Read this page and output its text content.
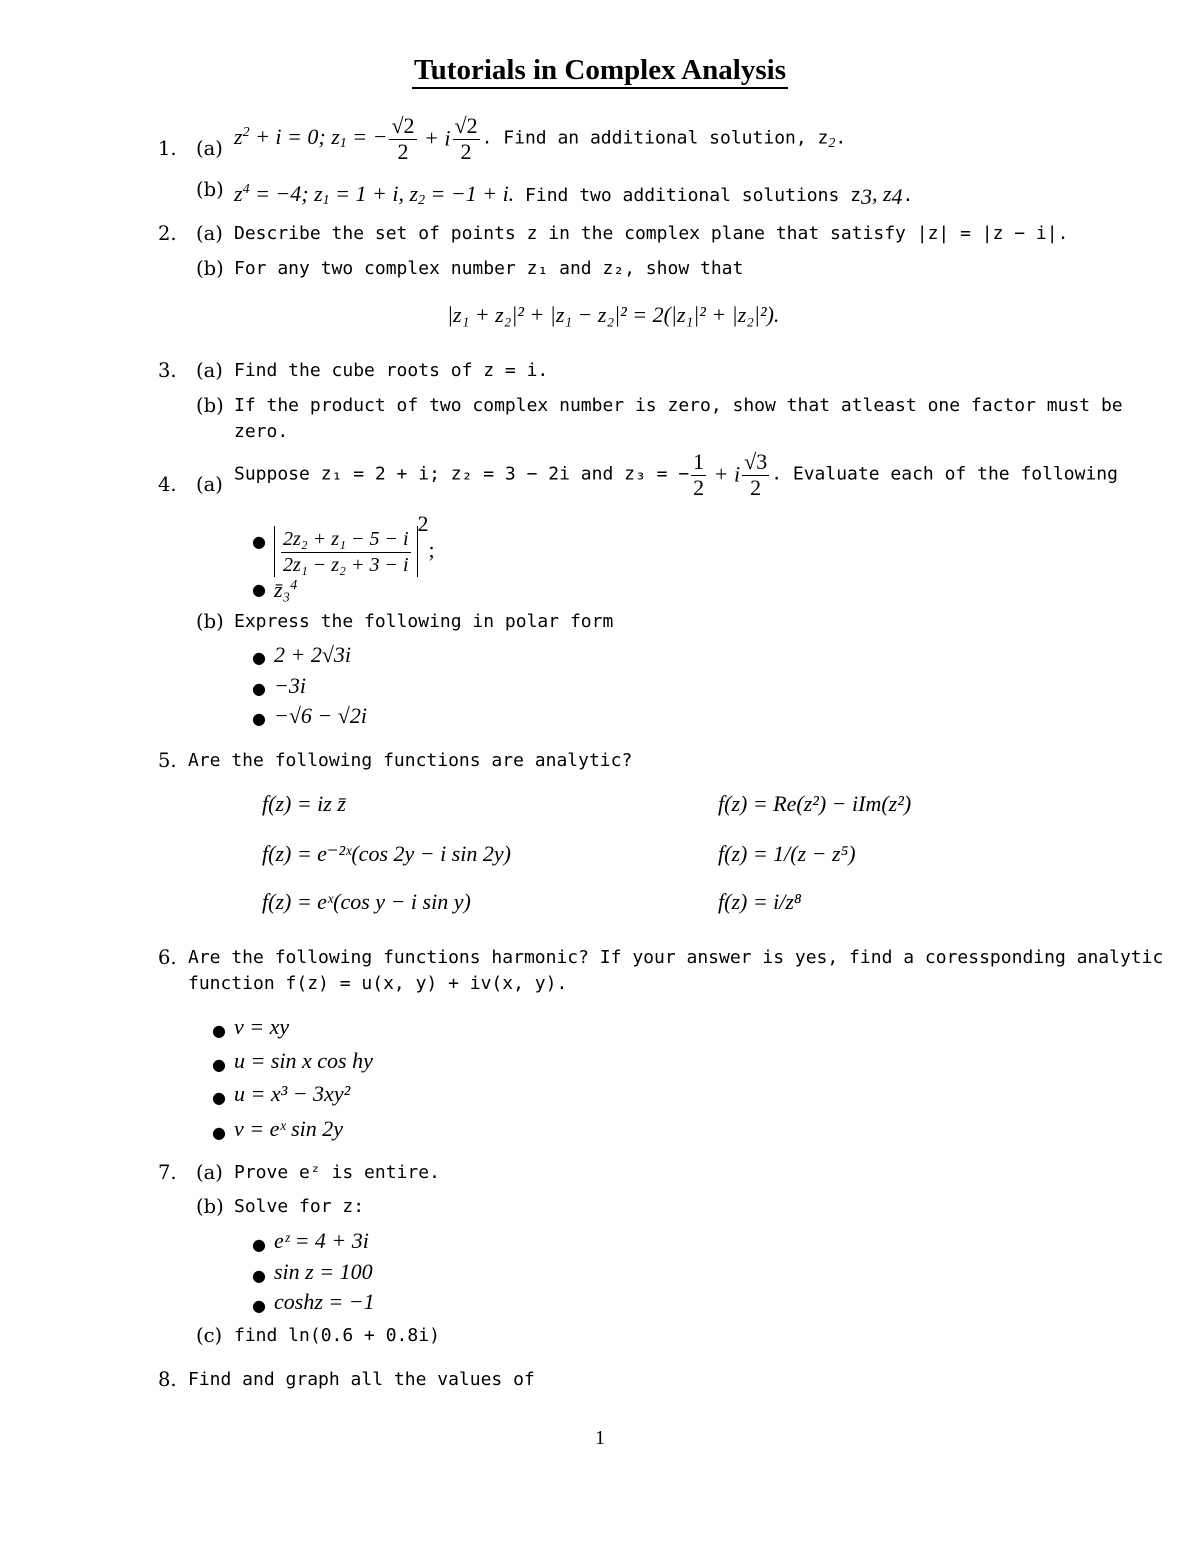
Tutorials in Complex Analysis
1. (a) $z^2 + i = 0$; $z_1$ = − $\frac{√2}{2} + i \frac{√2}{2}$ . Find an additional solution, $z_2$.
(b) $z^4 = -4$; $z_1 = 1 + i$, $z_2 = -1 + i$. Find two additional solutions $z_3$, $z_4$.
2. (a) Describe the set of points z in the complex plane that satisfy |z| = |z − i|.
(b) For any two complex number z₁ and z₂, show that
|z₁ + z₂|² + |z₁ − z₂|² = 2(|z₁|² + |z₂|²).
3. (a) Find the cube roots of z = i.
(b) If the product of two complex number is zero, show that atleast one factor must be
zero.
4. (a) Suppose z₁ = 2 + i; z₂ = 3 − 2i and z₃ = − $\frac{1}{2} + i \frac{√3}{2}$ . Evaluate each of the following
● $\frac{\text{2z₂ + z₁ − 5 − i}}{\text{2z₁ − z₂ + 3 − i}}$
$^2$;
● z̄₃$^4$
(b) Express the following in polar form
● 2 + 2√3i
● −3i
● −√6 − √2i
5. Are the following functions are analytic?
f(z) = iz z̄
f(z) = e⁻²ˣ(cos 2y − i sin 2y)
f(z) = eˣ(cos y − i sin y)
f(z) = Re(z²) − iIm(z²)
f(z) = 1/(z − z⁵)
f(z) = i/z⁸
6. Are the following functions harmonic? If your answer is yes, find a coressponding analytic
function f(z) = u(x, y) + iv(x, y).
● v = xy
● u = sin x cos hy
● u = x³ − 3xy²
● v = eˣ sin 2y
7. (a) Prove eᶻ is entire.
(b) Solve for z:
● eᶻ = 4 + 3i
● sin z = 100
● coshz = −1
(c) find ln(0.6 + 0.8i)
8. Find and graph all the values of
1
